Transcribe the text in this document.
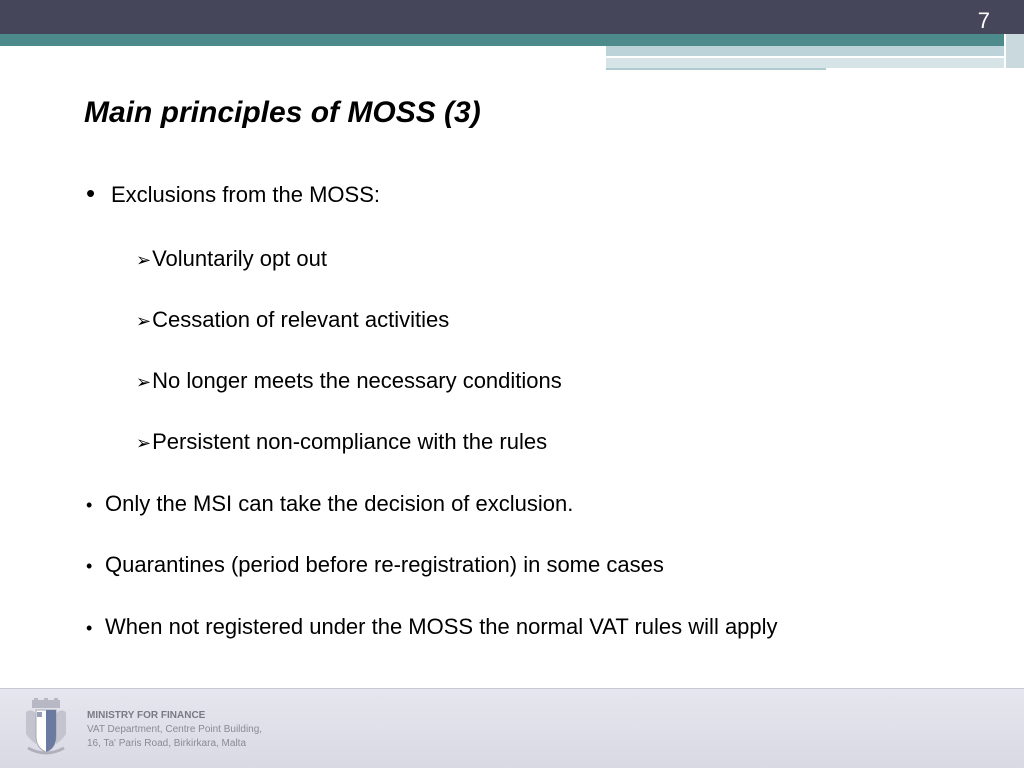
7
Main principles of MOSS (3)
• Exclusions from the MOSS:
➢Voluntarily opt out
➢Cessation of relevant activities
➢No longer meets the necessary conditions
➢Persistent non-compliance with the rules
• Only the MSI can take the decision of exclusion.
• Quarantines (period before re-registration) in some cases
• When not registered under the MOSS the normal VAT rules will apply
MINISTRY FOR FINANCE
VAT Department, Centre Point Building,
16, Ta' Paris Road, Birkirkara, Malta
